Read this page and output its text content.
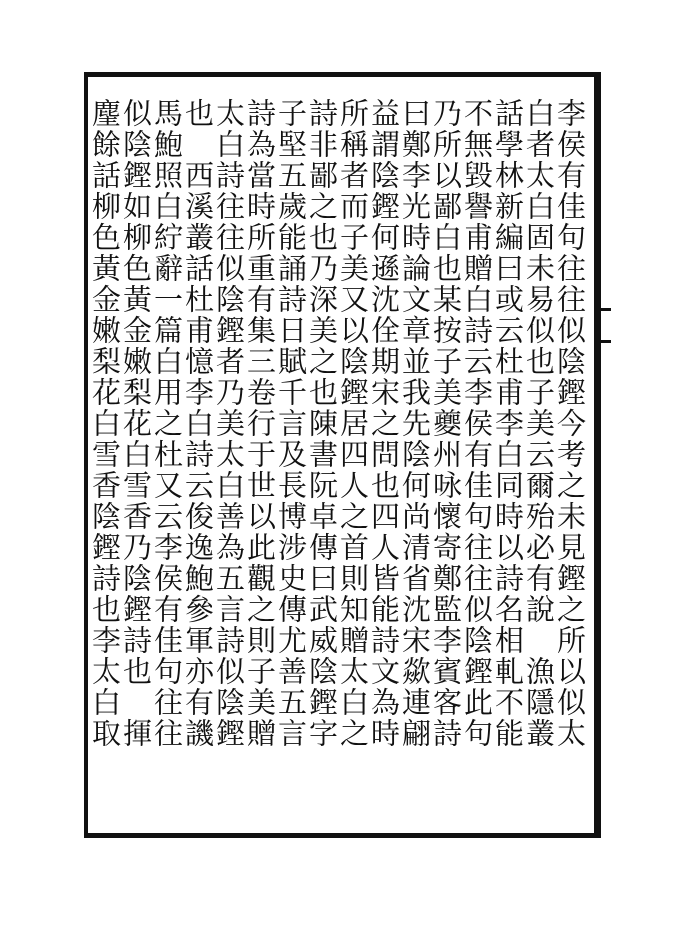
李侯有佳句往往似陰鏗今考之未見鏗之所以似太
白者太白固未易似也子美云爾殆必有說　漁隱叢
話學林新編曰或云杜甫李白同時以詩名相軋不能
不無毀譽甫贈白詩云李侯有佳句往往似陰鏗此句
乃所以鄙白也某按子美夔州咏懷寄鄭監李賓客詩
曰鄭李光時論文章並我先陰何尚清省沈宋歘連翩
益謂陰鏗何遜沈佺期宋之問也四人皆能詩文為時
所稱者而子美又以陰鏗居四人之首則知贈太白之
詩非鄙之也乃深美之也陳書阮卓傳曰武威陰鏗字
子堅五歲能誦詩日賦千言及長博涉史傳尤善五言
詩為當時所重有集三卷行于世以此觀之則子美贈
太白詩往往似陰鏗者乃美太白善為五言詩似陰鏗
也　西溪叢話杜甫憶李白詩云俊逸鮑參軍亦有譏
馬鮑照白紵辭一篇白用之杜又云李侯有佳句往往
似陰鏗如柳色黃金嫩梨花白雪香乃陰鏗詩也　揮
麈餘話柳色黃金嫩梨花白雪香陰鏗詩也李太白取
